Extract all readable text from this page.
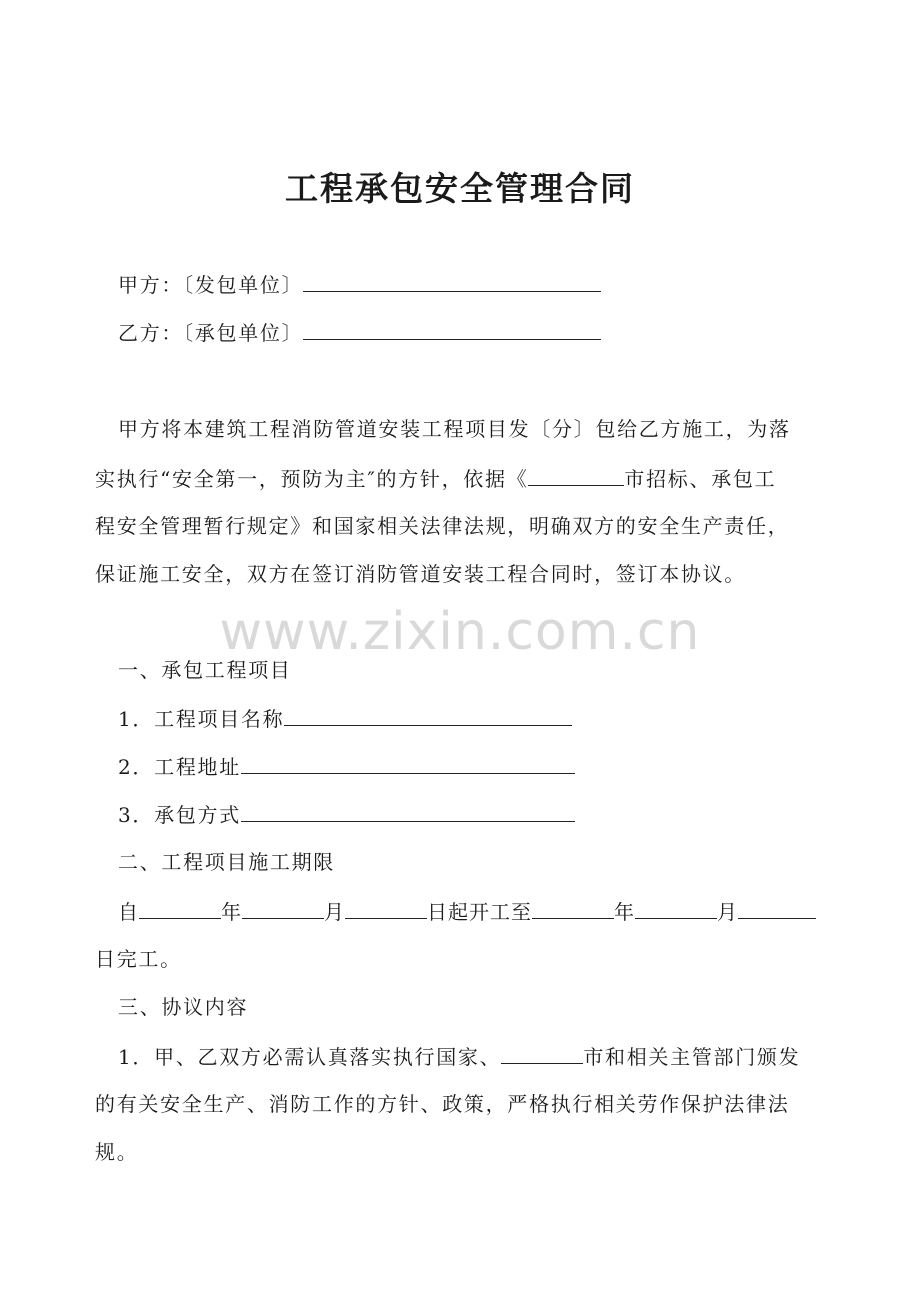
工程承包安全管理合同

甲方：〔发包单位〕

乙方：〔承包单位〕

甲方将本建筑工程消防管道安装工程项目发〔分〕包给乙方施工，为落

实执行“安全第一，预防为主″的方针，依据《	市招标、承包工

程安全管理暂行规定》和国家相关法律法规，明确双方的安全生产责任，

保证施工安全，双方在签订消防管道安装工程合同时，签订本协议。

www.zixin.com.cn

一、承包工程项目

1．工程项目名称

2．工程地址

3．承包方式

二、工程项目施工期限

自	年	月	日起开工至	年	月

日完工。

三、协议内容

1．甲、乙双方必需认真落实执行国家、	市和相关主管部门颁发

的有关安全生产、消防工作的方针、政策，严格执行相关劳作保护法律法

规。
